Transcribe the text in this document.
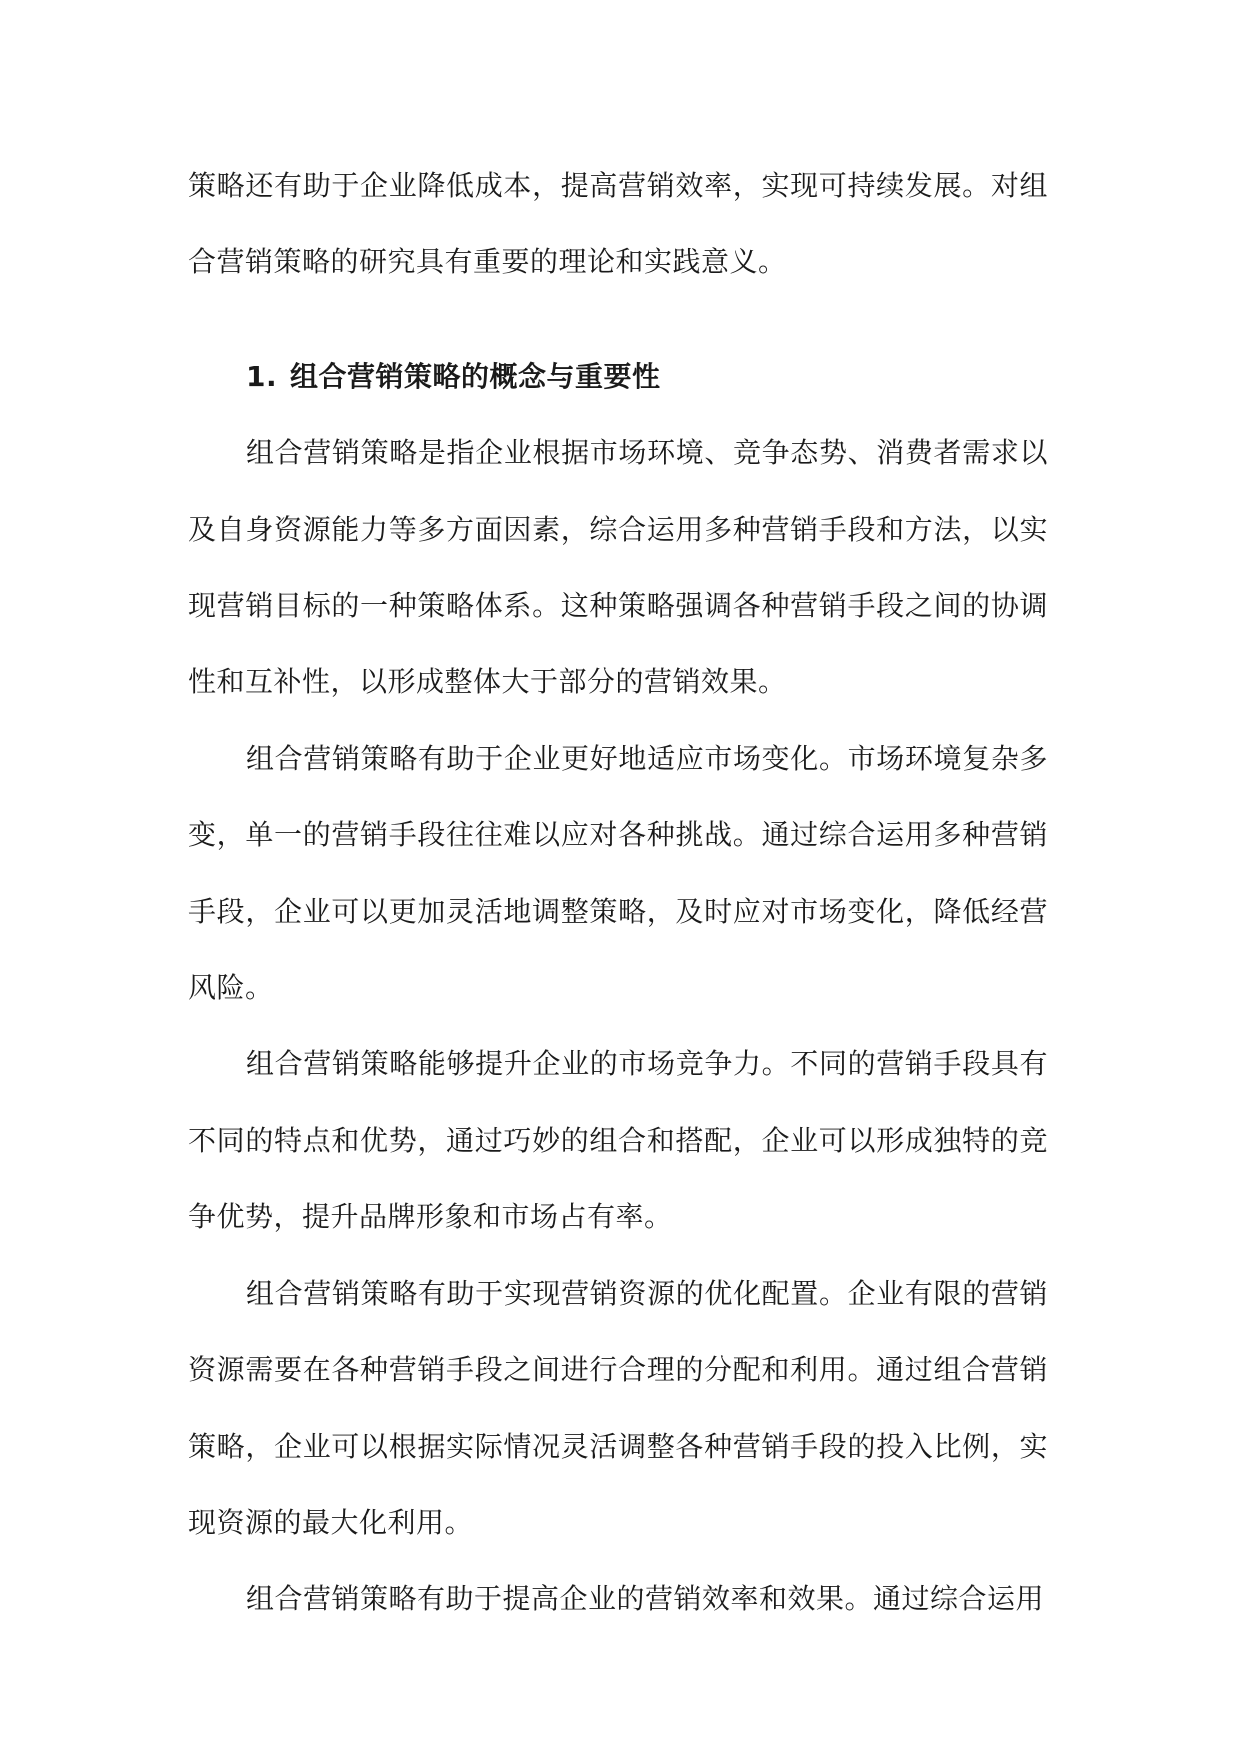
策略还有助于企业降低成本，提高营销效率，实现可持续发展。对组合营销策略的研究具有重要的理论和实践意义。

1. 组合营销策略的概念与重要性

组合营销策略是指企业根据市场环境、竞争态势、消费者需求以及自身资源能力等多方面因素，综合运用多种营销手段和方法，以实现营销目标的一种策略体系。这种策略强调各种营销手段之间的协调性和互补性，以形成整体大于部分的营销效果。

组合营销策略有助于企业更好地适应市场变化。市场环境复杂多变，单一的营销手段往往难以应对各种挑战。通过综合运用多种营销手段，企业可以更加灵活地调整策略，及时应对市场变化，降低经营风险。

组合营销策略能够提升企业的市场竞争力。不同的营销手段具有不同的特点和优势，通过巧妙的组合和搭配，企业可以形成独特的竞争优势，提升品牌形象和市场占有率。

组合营销策略有助于实现营销资源的优化配置。企业有限的营销资源需要在各种营销手段之间进行合理的分配和利用。通过组合营销策略，企业可以根据实际情况灵活调整各种营销手段的投入比例，实现资源的最大化利用。

组合营销策略有助于提高企业的营销效率和效果。通过综合运用
